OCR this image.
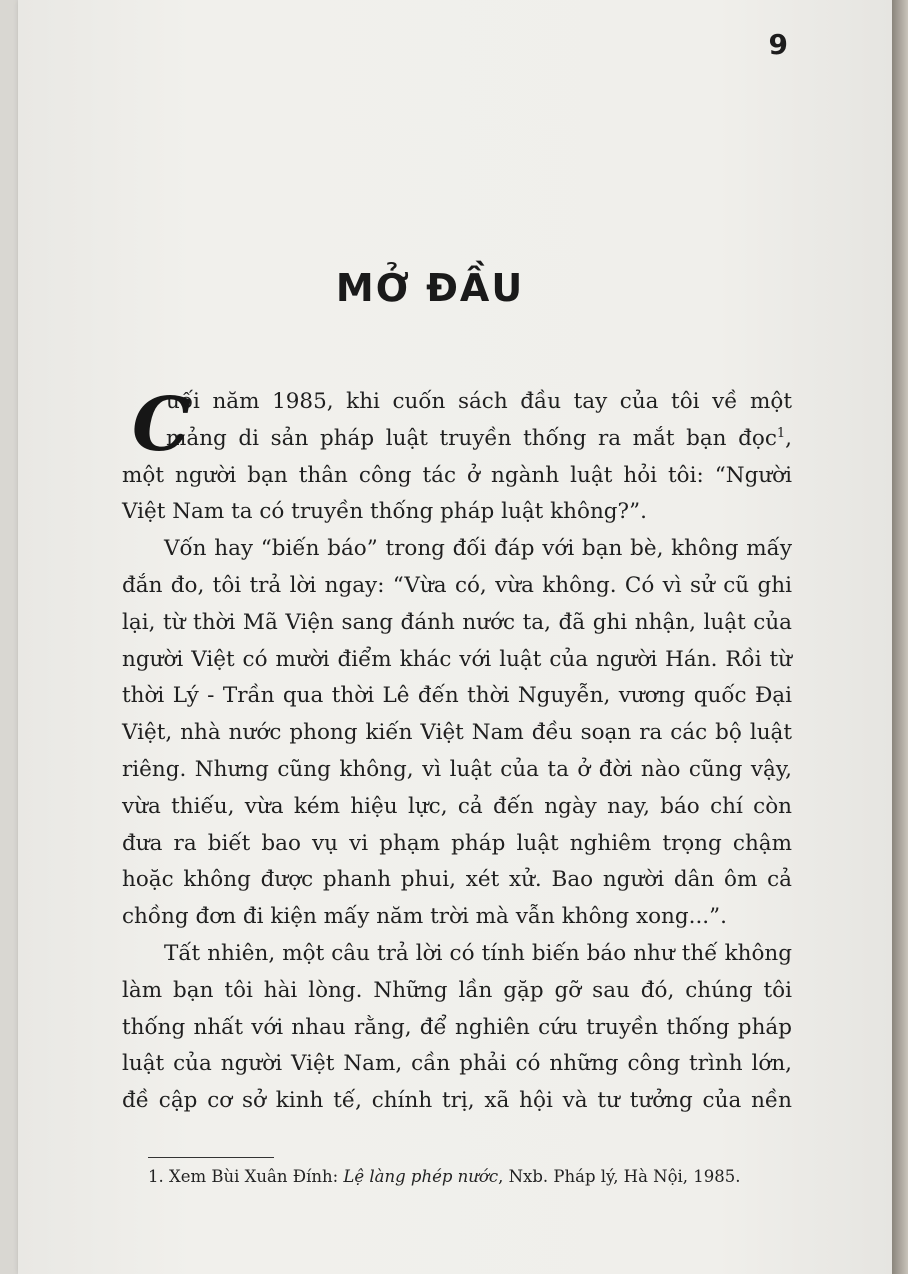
9
MỞ ĐẦU
C
uối năm 1985, khi cuốn sách đầu tay của tôi về một
mảng di sản pháp luật truyền thống ra mắt bạn đọc$^1$,
một người bạn thân công tác ở ngành luật hỏi tôi: “Người
Việt Nam ta có truyền thống pháp luật không?”.
Vốn hay “biến báo” trong đối đáp với bạn bè, không mấy
đắn đo, tôi trả lời ngay: “Vừa có, vừa không. Có vì sử cũ ghi
lại, từ thời Mã Viện sang đánh nước ta, đã ghi nhận, luật của
người Việt có mười điểm khác với luật của người Hán. Rồi từ
thời Lý - Trần qua thời Lê đến thời Nguyễn, vương quốc Đại
Việt, nhà nước phong kiến Việt Nam đều soạn ra các bộ luật
riêng. Nhưng cũng không, vì luật của ta ở đời nào cũng vậy,
vừa thiếu, vừa kém hiệu lực, cả đến ngày nay, báo chí còn
đưa ra biết bao vụ vi phạm pháp luật nghiêm trọng chậm
hoặc không được phanh phui, xét xử. Bao người dân ôm cả
chồng đơn đi kiện mấy năm trời mà vẫn không xong...”.
Tất nhiên, một câu trả lời có tính biến báo như thế không
làm bạn tôi hài lòng. Những lần gặp gỡ sau đó, chúng tôi
thống nhất với nhau rằng, để nghiên cứu truyền thống pháp
luật của người Việt Nam, cần phải có những công trình lớn,
đề cập cơ sở kinh tế, chính trị, xã hội và tư tưởng của nền
1. Xem Bùi Xuân Đính: Lệ làng phép nước, Nxb. Pháp lý, Hà Nội, 1985.
